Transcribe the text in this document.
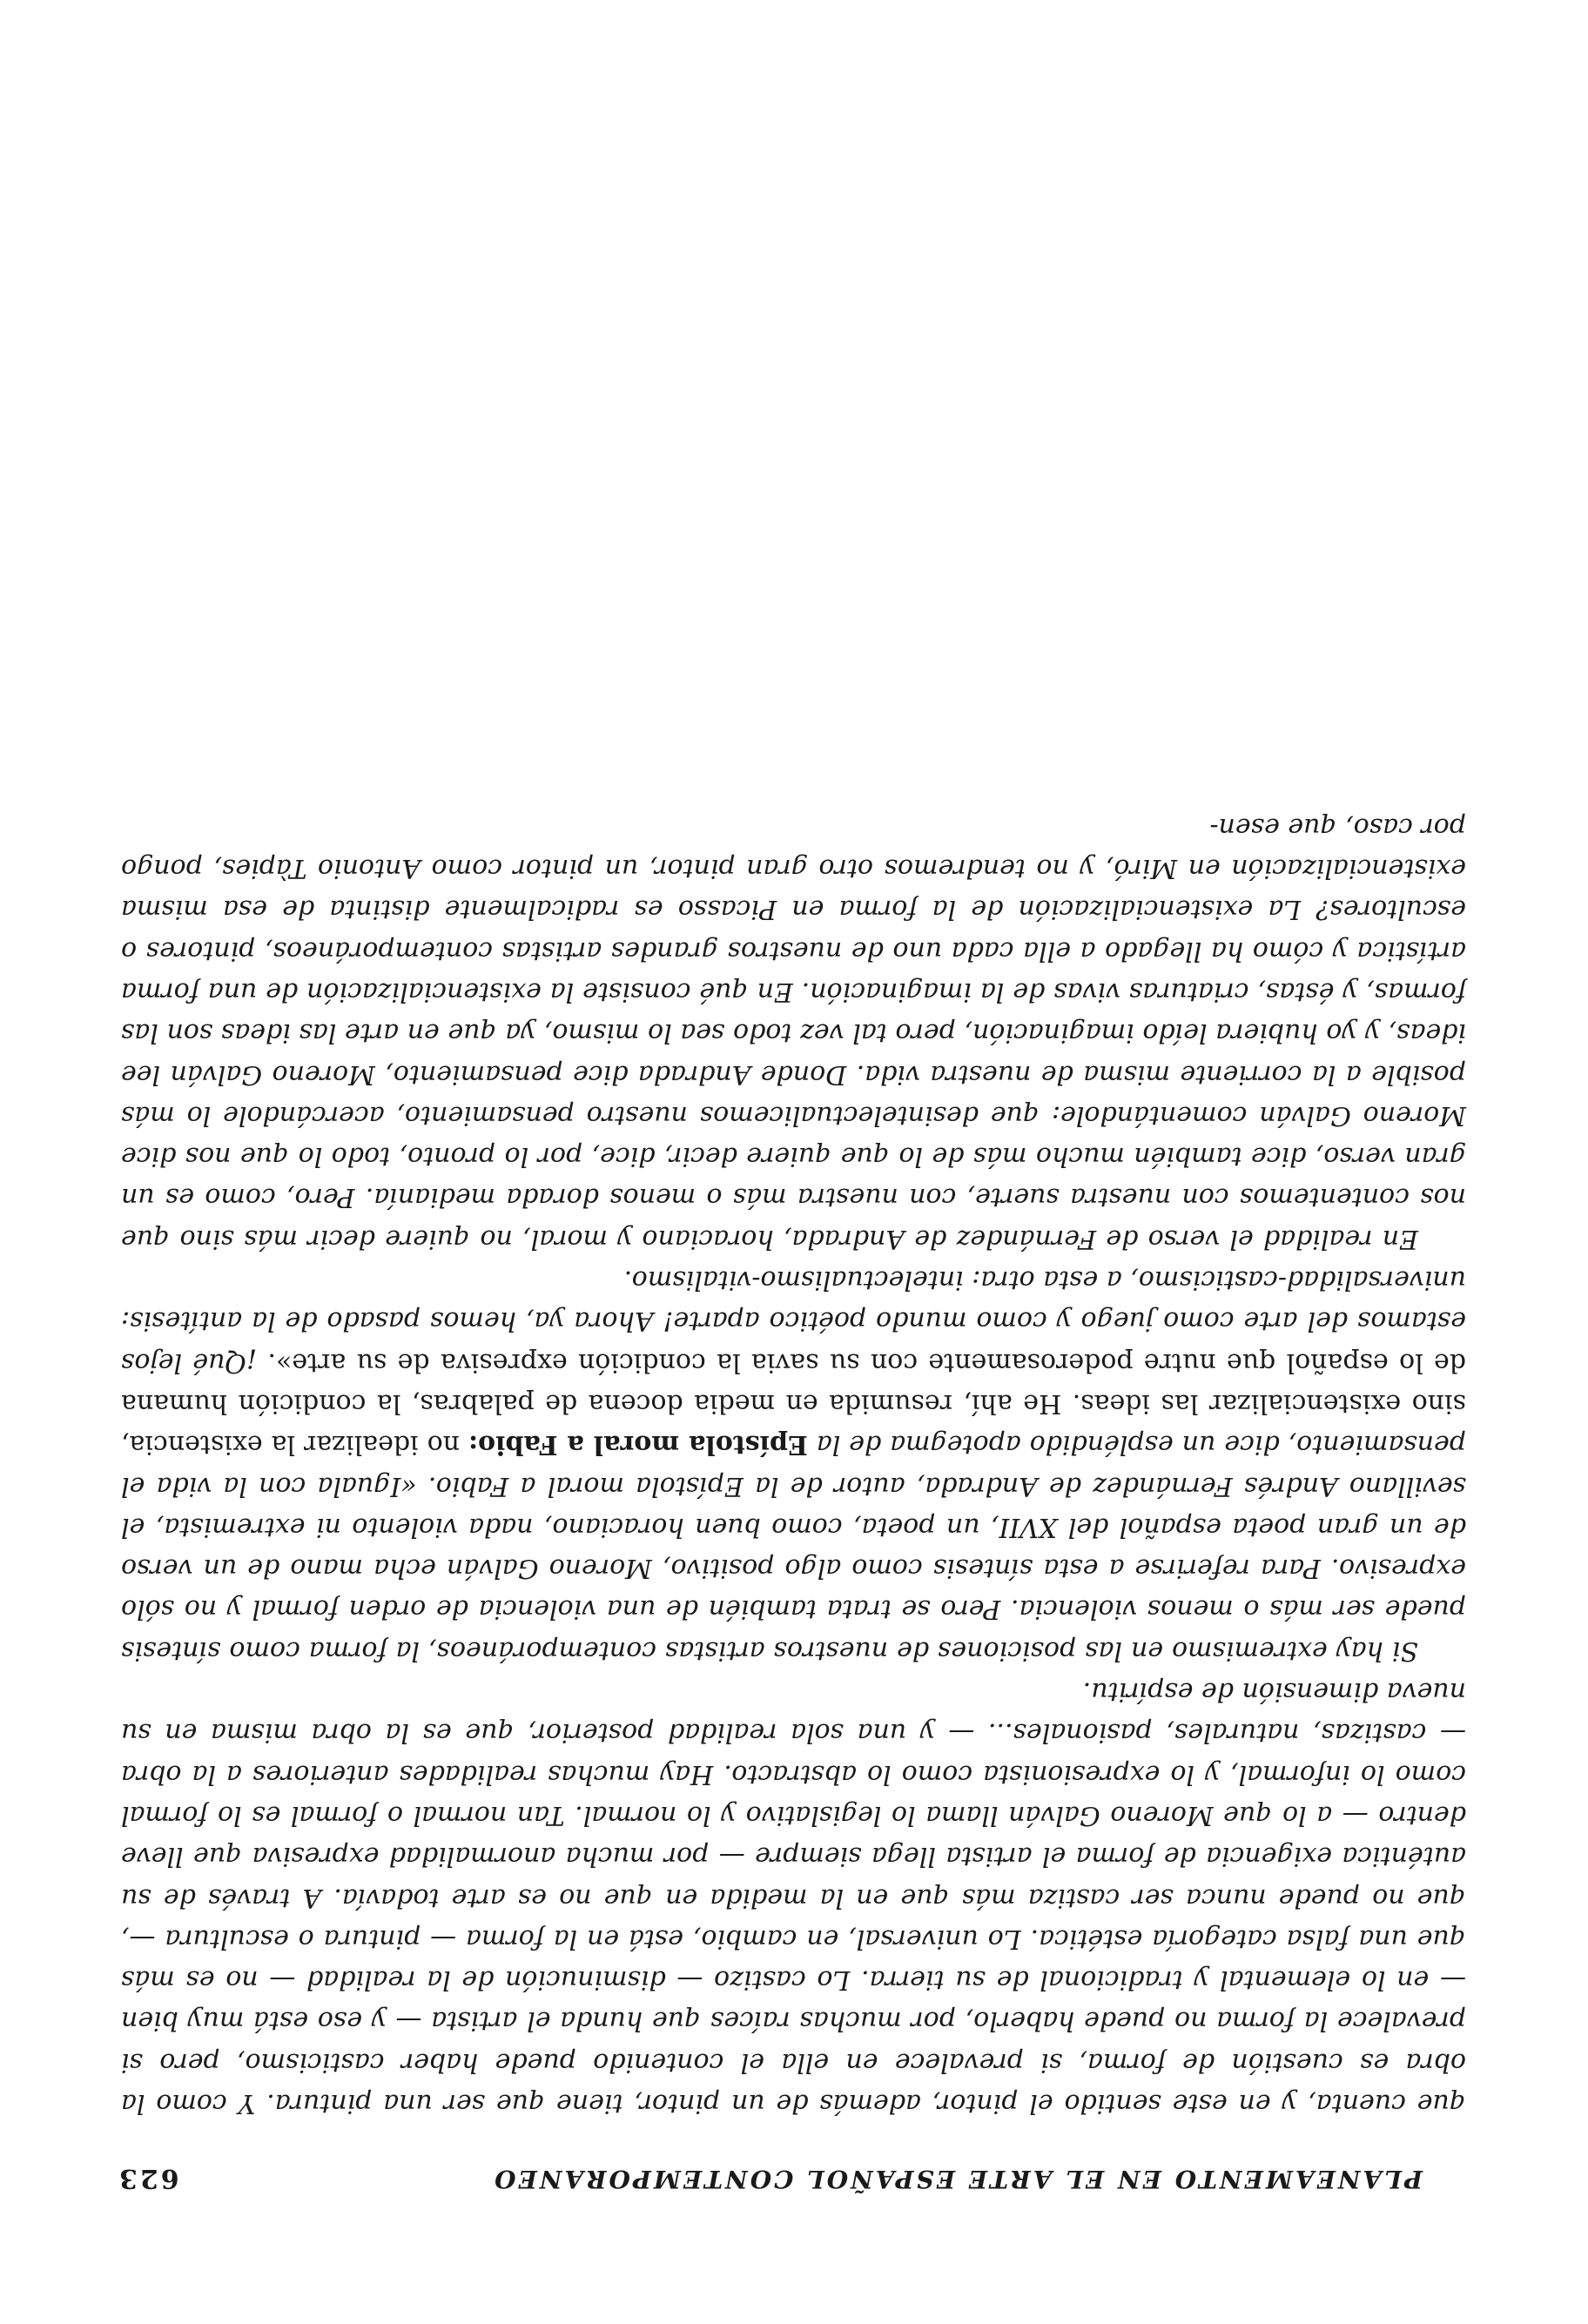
PLANEAMENTO EN EL ARTE ESPAÑOL CONTEMPORANEO
623

que cuenta, y en este sentido el pintor, además de un pintor, tiene que ser una pintura. Y como la obra es cuestión de forma, si prevalece en ella el contenido puede haber casticismo, pero si prevalece la forma no puede haberlo, por muchas raíces que hunda el artista — y eso está muy bien — en lo elemental y tradicional de su tierra. Lo castizo — disminución de la realidad — no es más que una falsa categoría estética. Lo universal, en cambio, está en la forma — pintura o escultura —, que no puede nunca ser castiza más que en la medida en que no es arte todavía. A través de su auténtica exigencia de forma el artista llega siempre — por mucha anormalidad expresiva que lleve dentro — a lo que Moreno Galván llama lo legislativo y lo normal. Tan normal o formal es lo formal como lo informal, y lo expresionista como lo abstracto. Hay muchas realidades anteriores a la obra — castizas, naturales, pasionales... — y una sola realidad posterior, que es la obra misma en su nueva dimensión de espíritu.

Si hay extremismo en las posiciones de nuestros artistas contemporáneos, la forma como síntesis puede ser más o menos violencia. Pero se trata también de una violencia de orden formal y no sólo expresivo. Para referirse a esta síntesis como algo positivo, Moreno Galván echa mano de un verso de un gran poeta español del XVII, un poeta, como buen horaciano, nada violento ni extremista, el sevillano Andrés Fernández de Andrada, autor de la Epístola moral a Fabio. «Iguala con la vida el pensamiento, dice un espléndido apotegma de la Epístola moral a Fabio: no idealizar la existencia, sino existencializar las ideas. He ahí, resumida en media docena de palabras, la condición humana de lo español que nutre poderosamente con su savia la condición expresiva de su arte». ¡Qué lejos estamos del arte como juego y como mundo poético aparte! Ahora ya, hemos pasado de la antítesis: universalidad-casticismo, a esta otra: intelectualismo-vitalismo.

En realidad el verso de Fernández de Andrada, horaciano y moral, no quiere decir más sino que nos contentemos con nuestra suerte, con nuestra más o menos dorada medianía. Pero, como es un gran verso, dice también mucho más de lo que quiere decir, dice, por lo pronto, todo lo que nos dice Moreno Galván comentándole: que desintelectualicemos nuestro pensamiento, acercándole lo más posible a la corriente misma de nuestra vida. Donde Andrada dice pensamiento, Moreno Galván lee ideas, y yo hubiera leído imaginación, pero tal vez todo sea lo mismo, ya que en arte las ideas son las formas, y éstas, criaturas vivas de la imaginación. En qué consiste la existencialización de una forma artística y cómo ha llegado a ella cada uno de nuestros grandes artistas contemporáneos, pintores o escultores? La existencialización de la forma en Picasso es radicalmente distinta de esa misma existencialización en Miró, y no tendremos otro gran pintor, un pintor como Antonio Tàpies, pongo por caso, que esen-
